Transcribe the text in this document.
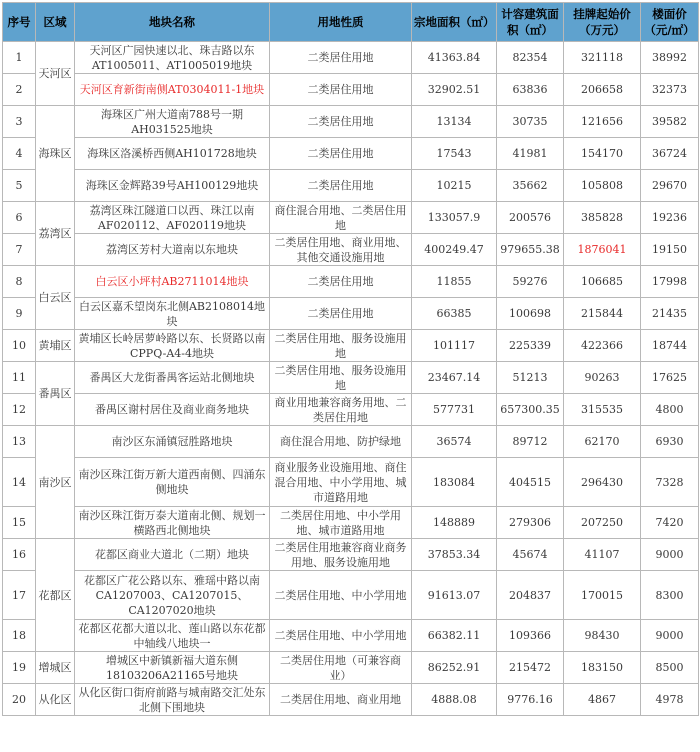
序号	区域	地块名称	用地性质	宗地面积（㎡）	计容建筑面积（㎡）	挂牌起始价（万元）	楼面价（元/㎡）
1	天河区	天河区广园快速以北、珠吉路以东AT1005011、AT1005019地块	二类居住用地	41363.84	82354	321118	38992
2		天河区育新街南侧AT0304011-1地块	二类居住用地	32902.51	63836	206658	32373
3	海珠区	海珠区广州大道南788号一期AH031525地块	二类居住用地	13134	30735	121656	39582
4		海珠区洛溪桥西侧AH101728地块	二类居住用地	17543	41981	154170	36724
5		海珠区金辉路39号AH100129地块	二类居住用地	10215	35662	105808	29670
6	荔湾区	荔湾区珠江隧道口以西、珠江以南AF020112、AF020119地块	商住混合用地、二类居住用地	133057.9	200576	385828	19236
7		荔湾区芳村大道南以东地块	二类居住用地、商业用地、其他交通设施用地	400249.47	979655.38	1876041	19150
8	白云区	白云区小坪村AB2711014地块	二类居住用地	11855	59276	106685	17998
9		白云区嘉禾望岗东北侧AB2108014地块	二类居住用地	66385	100698	215844	21435
10	黄埔区	黄埔区长岭居萝岭路以东、长贤路以南CPPQ-A4-4地块	二类居住用地、服务设施用地	101117	225339	422366	18744
11	番禺区	番禺区大龙街番禺客运站北侧地块	二类居住用地、服务设施用地	23467.14	51213	90263	17625
12		番禺区谢村居住及商业商务地块	商业用地兼容商务用地、二类居住用地	577731	657300.35	315535	4800
13	南沙区	南沙区东涌镇冠胜路地块	商住混合用地、防护绿地	36574	89712	62170	6930
14		南沙区珠江街万新大道西南侧、四涌东侧地块	商业服务业设施用地、商住混合用地、中小学用地、城市道路用地	183084	404515	296430	7328
15		南沙区珠江街万泰大道南北侧、规划一横路西北侧地块	二类居住用地、中小学用地、城市道路用地	148889	279306	207250	7420
16	花都区	花都区商业大道北（二期）地块	二类居住用地兼容商业商务用地、服务设施用地	37853.34	45674	41107	9000
17		花都区广花公路以东、雅瑶中路以南CA1207003、CA1207015、CA1207020地块	二类居住用地、中小学用地	91613.07	204837	170015	8300
18		花都区花都大道以北、莲山路以东花都中轴线八地块一	二类居住用地、中小学用地	66382.11	109366	98430	9000
19	增城区	增城区中新镇新福大道东侧18103206A21165号地块	二类居住用地（可兼容商业）	86252.91	215472	183150	8500
20	从化区	从化区街口街府前路与城南路交汇处东北侧下围地块	二类居住用地、商业用地	4888.08	9776.16	4867	4978
